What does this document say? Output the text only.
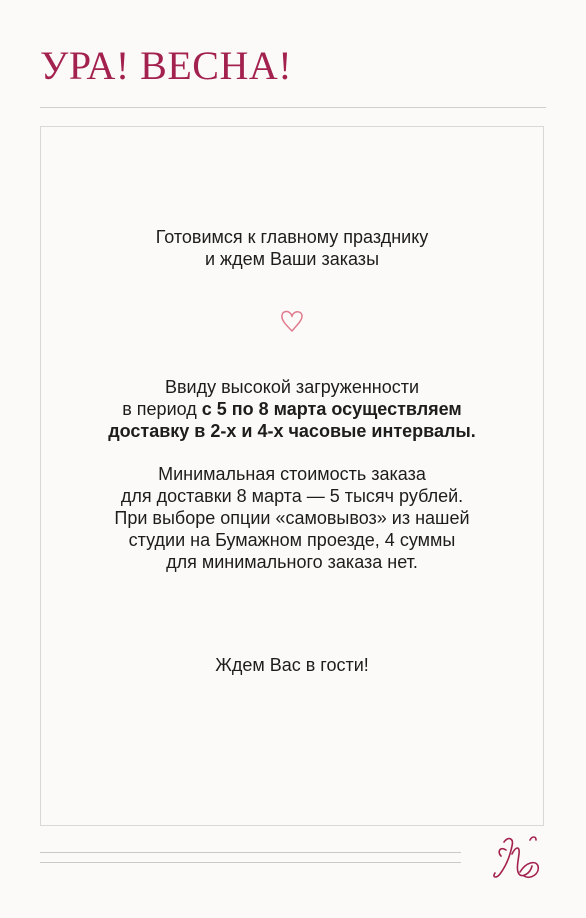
УРА! ВЕСНА!
Готовимся к главному празднику
и ждем Ваши заказы
Ввиду высокой загруженности
в период с 5 по 8 марта осуществляем
доставку в 2-х и 4-х часовые интервалы.
Минимальная стоимость заказа
для доставки 8 марта — 5 тысяч рублей.
При выборе опции «самовывоз» из нашей
студии на Бумажном проезде, 4 суммы
для минимального заказа нет.
Ждем Вас в гости!
